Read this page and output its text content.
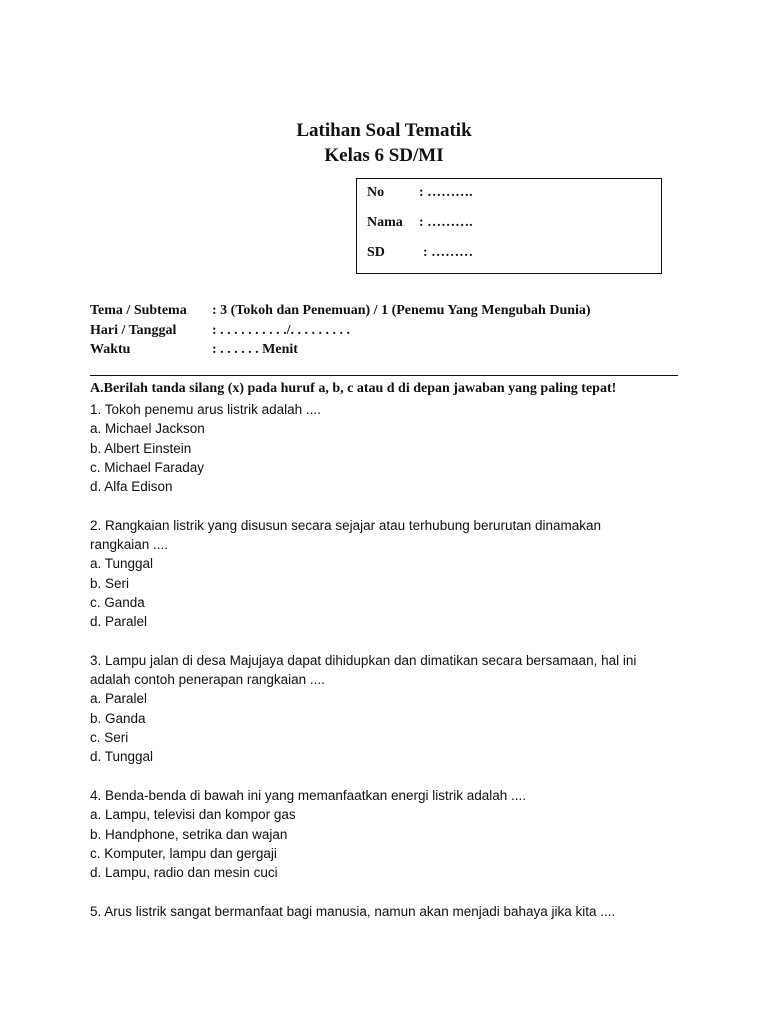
Latihan Soal Tematik
Kelas 6 SD/MI
No : ……….
Nama : ……….
SD	: ………
Tema / Subtema : 3 (Tokoh dan Penemuan) / 1 (Penemu Yang Mengubah Dunia)
Hari / Tanggal	: . . . . . . . . . ./. . . . . . . . .
Waktu	: . . . . . . Menit
A.Berilah tanda silang (x) pada huruf a, b, c atau d di depan jawaban yang paling tepat!
1. Tokoh penemu arus listrik adalah ....
a. Michael Jackson
b. Albert Einstein
c. Michael Faraday
d. Alfa Edison
2. Rangkaian listrik yang disusun secara sejajar atau terhubung berurutan dinamakan rangkaian ....
a. Tunggal
b. Seri
c. Ganda
d. Paralel
3. Lampu jalan di desa Majujaya dapat dihidupkan dan dimatikan secara bersamaan, hal ini adalah contoh penerapan rangkaian ....
a. Paralel
b. Ganda
c. Seri
d. Tunggal
4. Benda-benda di bawah ini yang memanfaatkan energi listrik adalah ....
a. Lampu, televisi dan kompor gas
b. Handphone, setrika dan wajan
c. Komputer, lampu dan gergaji
d. Lampu, radio dan mesin cuci
5. Arus listrik sangat bermanfaat bagi manusia, namun akan menjadi bahaya jika kita ....
